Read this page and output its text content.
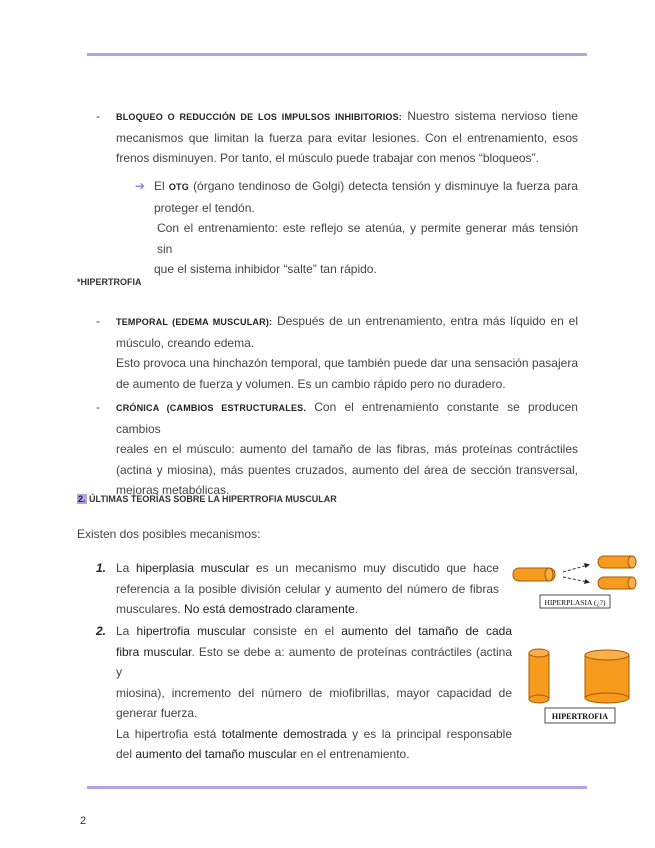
- BLOQUEO O REDUCCIÓN DE LOS IMPULSOS INHIBITORIOS: Nuestro sistema nervioso tiene
mecanismos que limitan la fuerza para evitar lesiones. Con el entrenamiento, esos
frenos disminuyen. Por tanto, el músculo puede trabajar con menos “bloqueos”.
➔ El OTG (órgano tendinoso de Golgi) detecta tensión y disminuye la fuerza para
proteger el tendón.
Con el entrenamiento: este reflejo se atenúa, y permite generar más tensión sin
que el sistema inhibidor “salte” tan rápido.
*HIPERTROFIA
- TEMPORAL (EDEMA MUSCULAR): Después de un entrenamiento, entra más líquido en el
músculo, creando edema.
Esto provoca una hinchazón temporal, que también puede dar una sensación pasajera
de aumento de fuerza y volumen. Es un cambio rápido pero no duradero.
- CRÓNICA (CAMBIOS ESTRUCTURALES. Con el entrenamiento constante se producen cambios
reales en el músculo: aumento del tamaño de las fibras, más proteínas contráctiles
(actina y miosina), más puentes cruzados, aumento del área de sección transversal,
mejoras metabólicas.
2. ÚLTIMAS TEORÍAS SOBRE LA HIPERTROFIA MUSCULAR
Existen dos posibles mecanismos:
1. La hiperplasia muscular es un mecanismo muy discutido que hace
referencia a la posible división celular y aumento del número de fibras
musculares. No está demostrado claramente.
2. La hipertrofia muscular consiste en el aumento del tamaño de cada
fibra muscular. Esto se debe a: aumento de proteínas contráctiles (actina y
miosina), incremento del número de miofibrillas, mayor capacidad de
generar fuerza.
La hipertrofia está totalmente demostrada y es la principal responsable
del aumento del tamaño muscular en el entrenamiento.
HIPERPLASIA (¿?)
HIPERTROFIA
2
